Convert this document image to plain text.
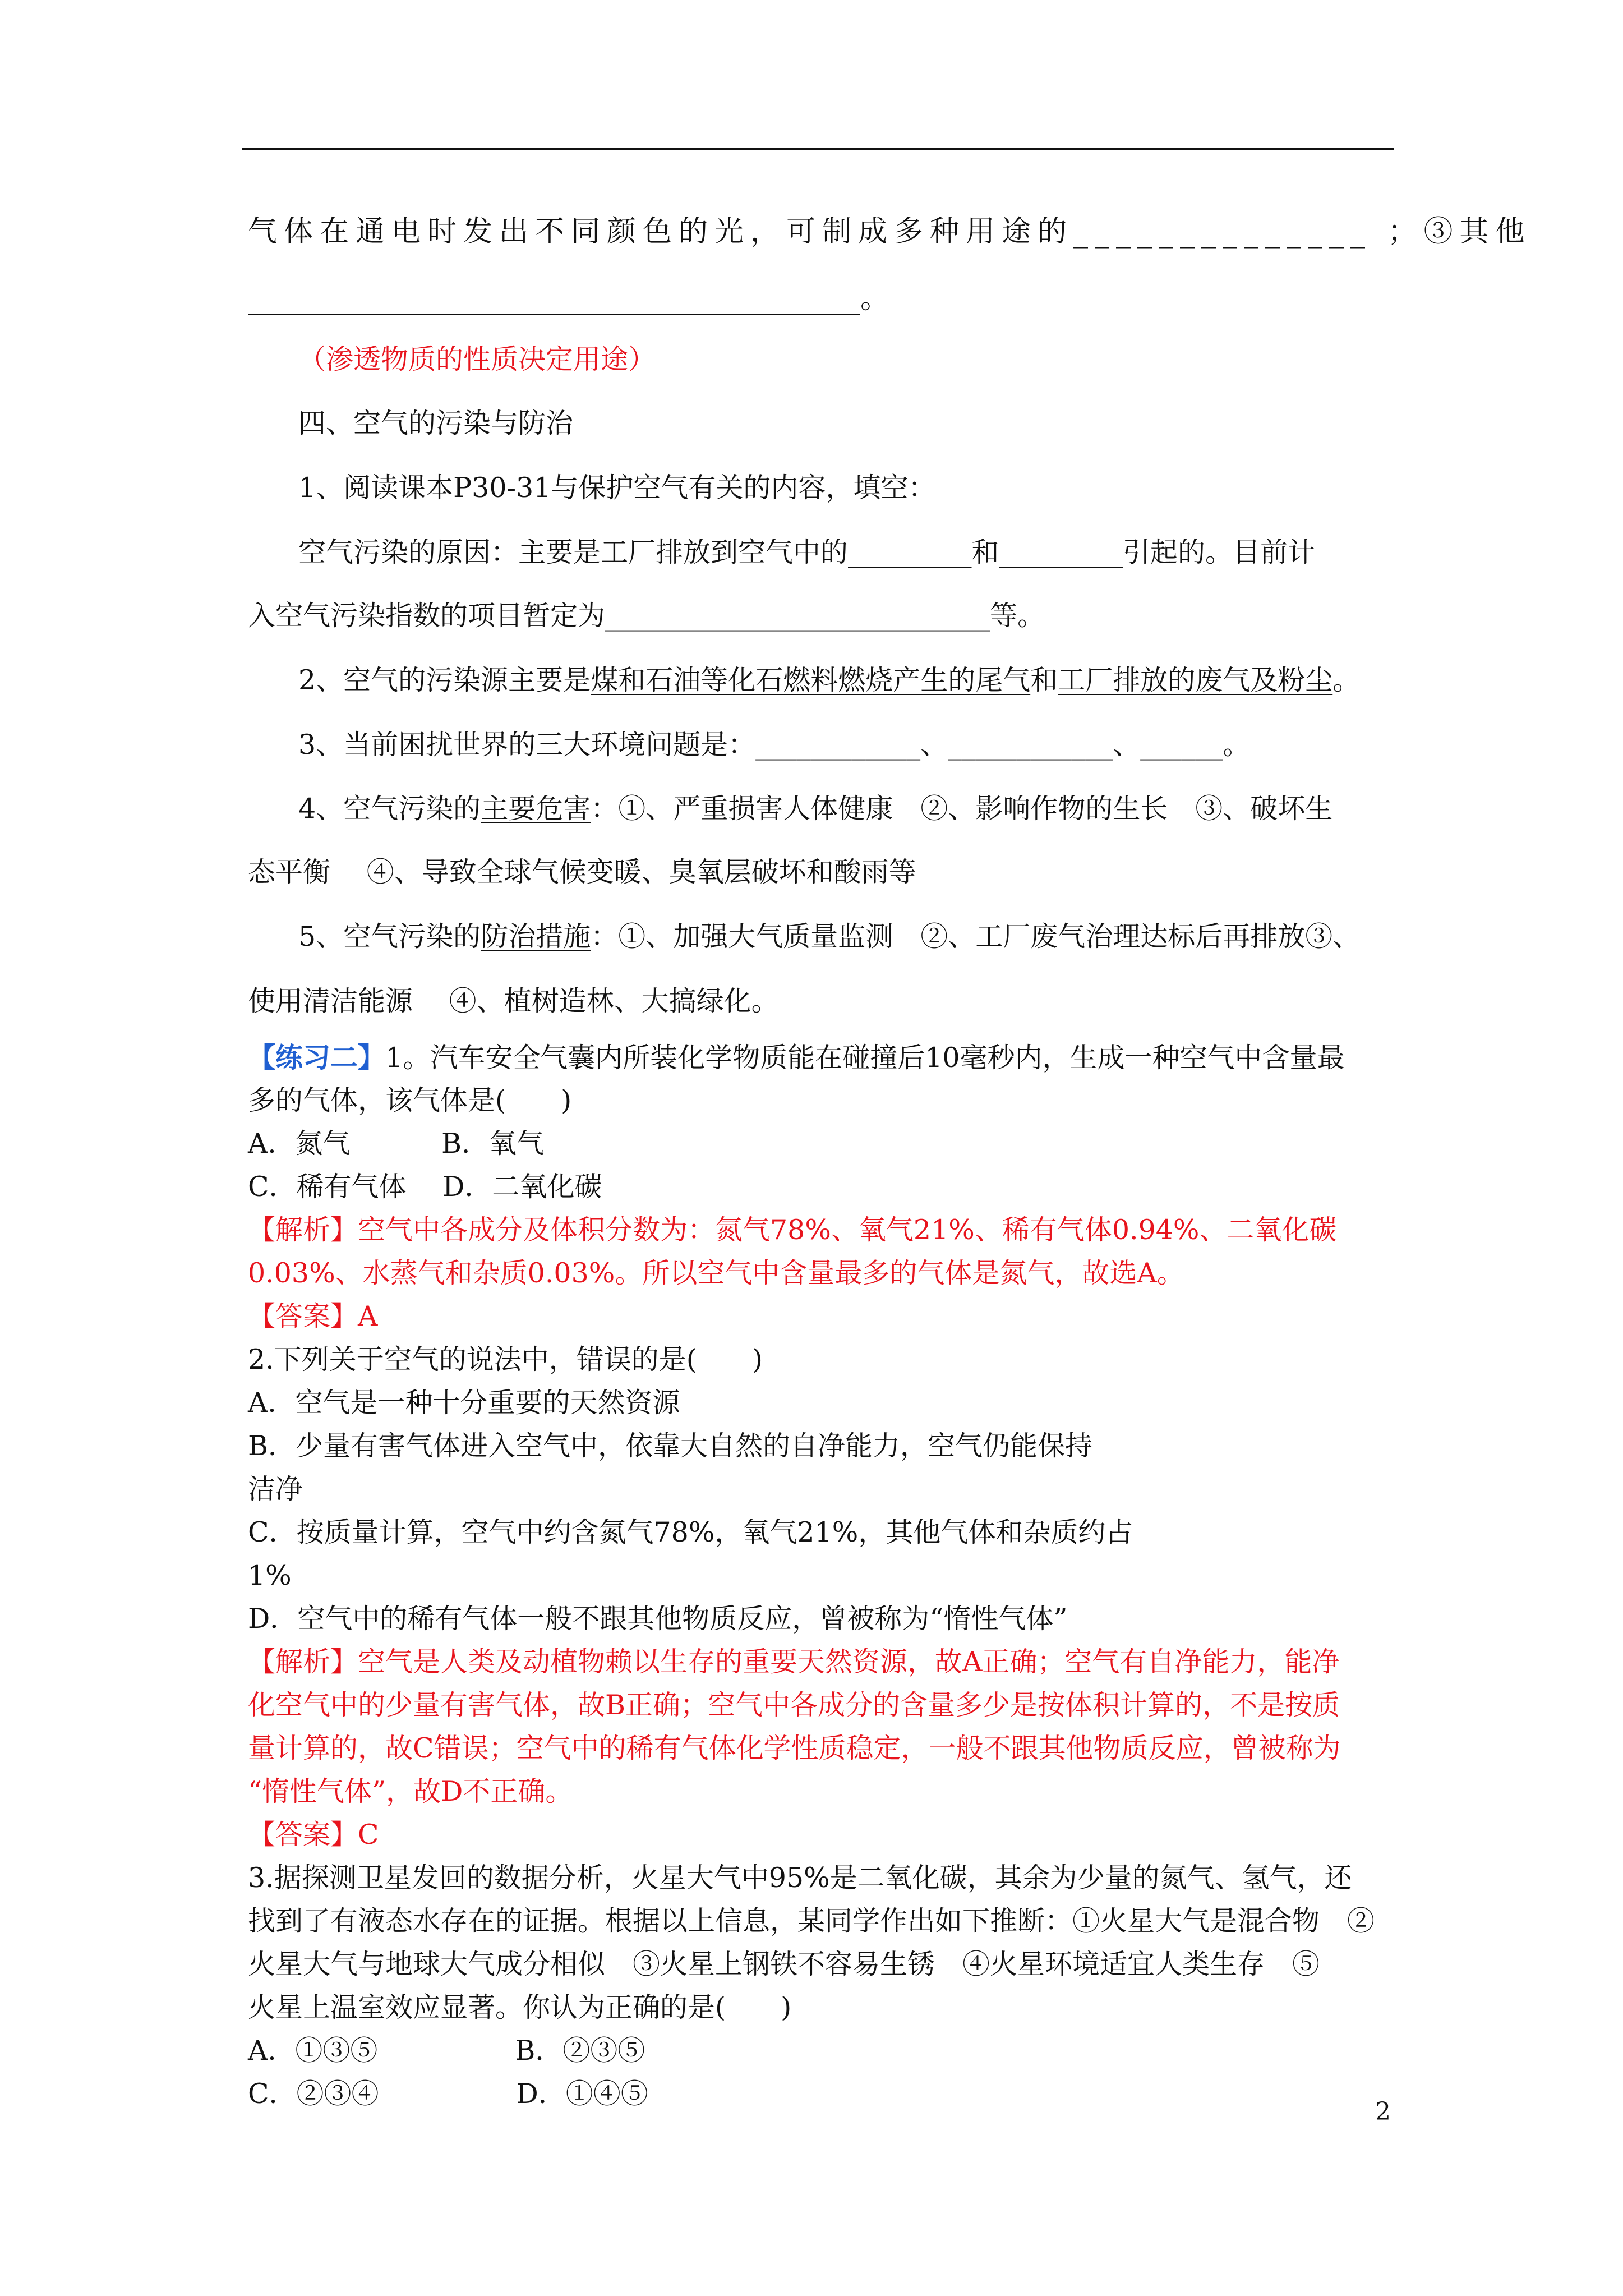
气体在通电时发出不同颜色的光，可制成多种用途的______________ ；③其他
__________________________________________。
（渗透物质的性质决定用途）
四、空气的污染与防治
1、阅读课本P30-31与保护空气有关的内容，填空：
空气污染的原因：主要是工厂排放到空气中的_________和_________引起的。目前计
入空气污染指数的项目暂定为____________________________等。
2、空气的污染源主要是煤和石油等化石燃料燃烧产生的尾气和工厂排放的废气及粉尘。
3、当前困扰世界的三大环境问题是：____________、____________、______。
4、空气污染的主要危害：①、严重损害人体健康　②、影响作物的生长　③、破坏生
态平衡　 ④、导致全球气候变暖、臭氧层破坏和酸雨等
5、空气污染的防治措施：①、加强大气质量监测　②、工厂废气治理达标后再排放③、
使用清洁能源　 ④、植树造林、大搞绿化。
【练习二】1。汽车安全气囊内所装化学物质能在碰撞后10毫秒内，生成一种空气中含量最
多的气体，该气体是(　　)
A．氮气　　　 B．氧气
C．稀有气体　 D．二氧化碳
【解析】空气中各成分及体积分数为：氮气78%、氧气21%、稀有气体0.94%、二氧化碳
0.03%、水蒸气和杂质0.03%。所以空气中含量最多的气体是氮气，故选A。
【答案】A
2.下列关于空气的说法中，错误的是(　　)
A．空气是一种十分重要的天然资源
B．少量有害气体进入空气中，依靠大自然的自净能力，空气仍能保持
洁净
C．按质量计算，空气中约含氮气78%，氧气21%，其他气体和杂质约占
1%
D．空气中的稀有气体一般不跟其他物质反应，曾被称为“惰性气体”
【解析】空气是人类及动植物赖以生存的重要天然资源，故A正确；空气有自净能力，能净
化空气中的少量有害气体，故B正确；空气中各成分的含量多少是按体积计算的，不是按质
量计算的，故C错误；空气中的稀有气体化学性质稳定，一般不跟其他物质反应，曾被称为
“惰性气体”，故D不正确。
【答案】C
3.据探测卫星发回的数据分析，火星大气中95%是二氧化碳，其余为少量的氮气、氢气，还
找到了有液态水存在的证据。根据以上信息，某同学作出如下推断：①火星大气是混合物　②
火星大气与地球大气成分相似　③火星上钢铁不容易生锈　④火星环境适宜人类生存　⑤
火星上温室效应显著。你认为正确的是(　　)
A．①③⑤　　　　　B．②③⑤
C．②③④　　　　　D．①④⑤
2
